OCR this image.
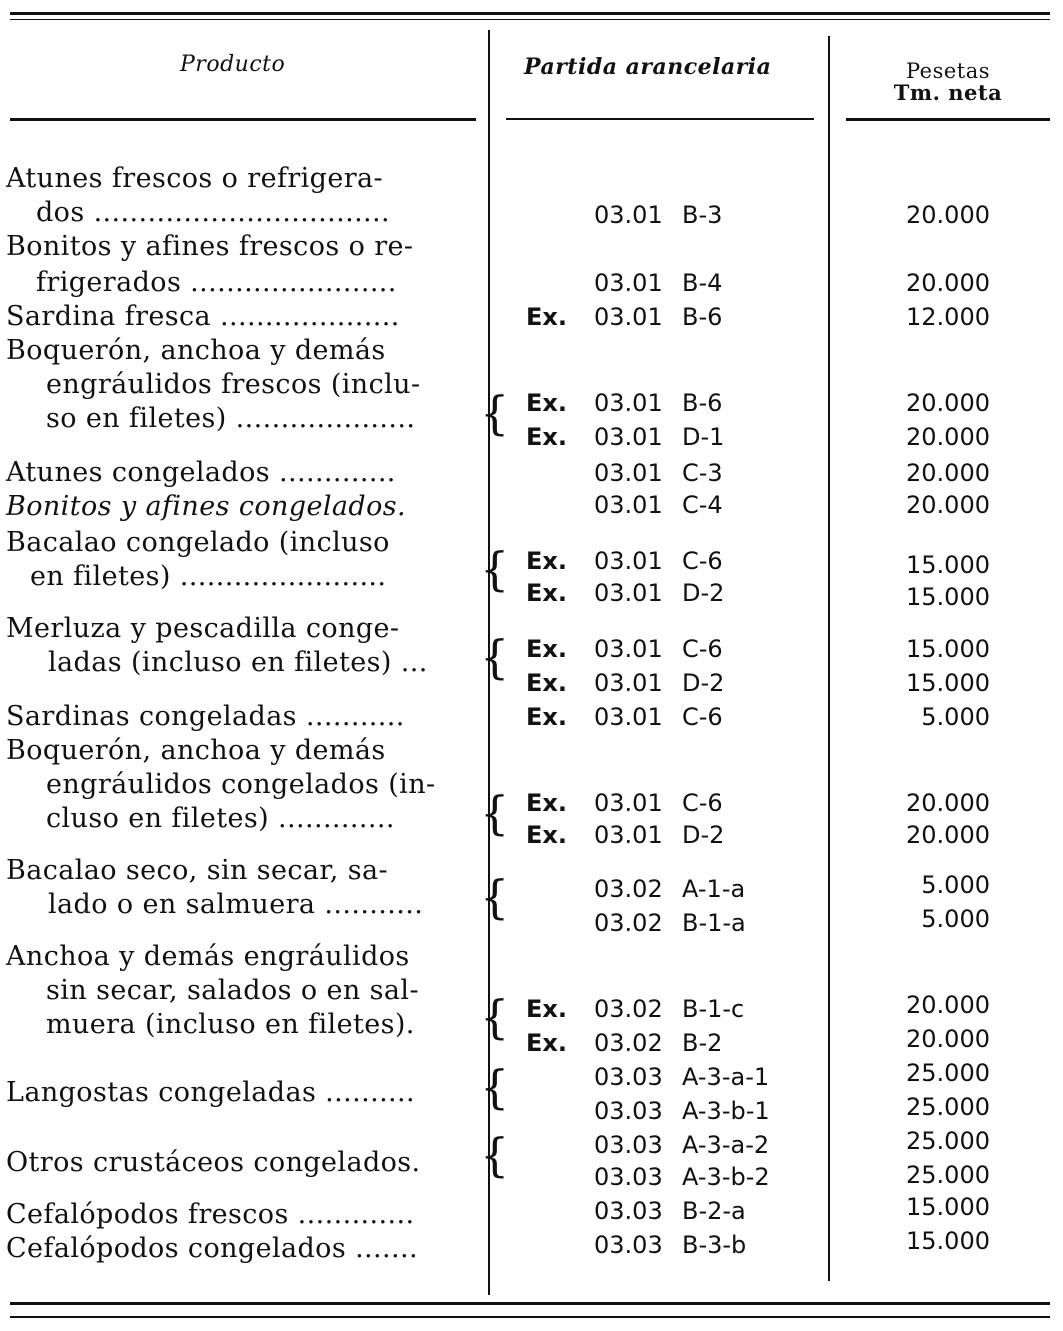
Producto	Partida arancelaria	Pesetas
Tm. neta
Atunes frescos o refrigera-
dos .................................	03.01 B-3	20.000
Bonitos y afines frescos o re-
frigerados .......................	03.01 B-4	20.000
Sardina fresca ....................	Ex. 03.01 B-6	12.000
Boquerón, anchoa y demás
engráulidos frescos (inclu-
so en filetes) .................... { Ex. 03.01 B-6	20.000
Ex. 03.01 D-1	20.000
Atunes congelados .............	03.01 C-3	20.000
Bonitos y afines congelados.	03.01 C-4	20.000
Bacalao congelado (incluso
en filetes) ....................... { Ex. 03.01 C-6	15.000
Ex. 03.01 D-2	15.000
Merluza y pescadilla conge-
ladas (incluso en filetes) ... { Ex. 03.01 C-6	15.000
Ex. 03.01 D-2	15.000
Sardinas congeladas ...........	Ex. 03.01 C-6	5.000
Boquerón, anchoa y demás
engráulidos congelados (in-
cluso en filetes) ............. { Ex. 03.01 C-6	20.000
Ex. 03.01 D-2	20.000
Bacalao seco, sin secar, sa-
lado o en salmuera ........... {	03.02 A-1-a	5.000
03.02 B-1-a	5.000
Anchoa y demás engráulidos
sin secar, salados o en sal-
muera (incluso en filetes). { Ex. 03.02 B-1-c	20.000
Ex. 03.02 B-2	20.000
Langostas congeladas .......... {	03.03 A-3-a-1	25.000
03.03 A-3-b-1	25.000
Otros crustáceos congelados. {	03.03 A-3-a-2	25.000
03.03 A-3-b-2	25.000
Cefalópodos frescos .............	03.03 B-2-a	15.000
Cefalópodos congelados .......	03.03 B-3-b	15.000
